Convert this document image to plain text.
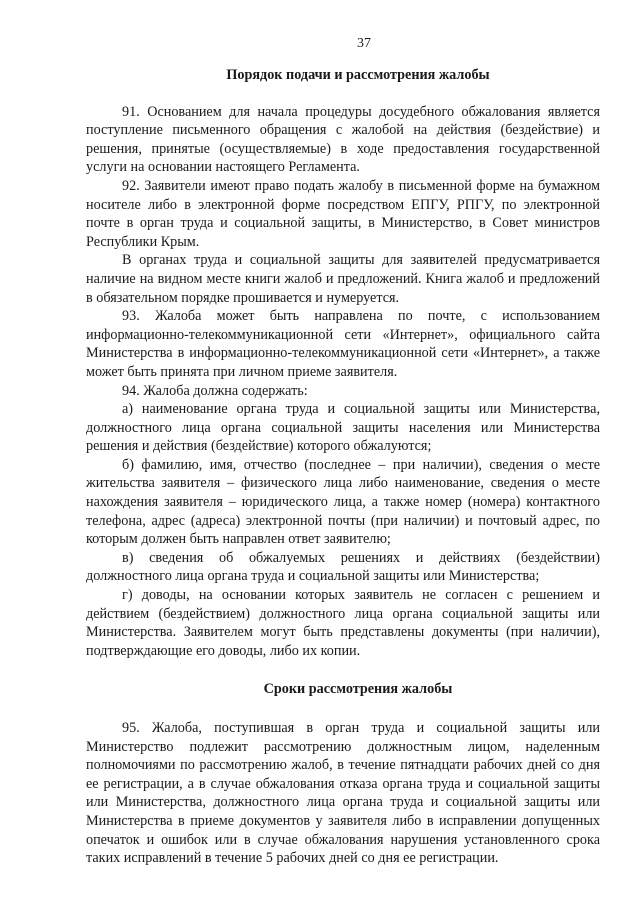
37
Порядок подачи и рассмотрения жалобы

91. Основанием для начала процедуры досудебного обжалования является поступление письменного обращения с жалобой на действия (бездействие) и решения, принятые (осуществляемые) в ходе предоставления государственной услуги на основании настоящего Регламента.

92. Заявители имеют право подать жалобу в письменной форме на бумажном носителе либо в электронной форме посредством ЕПГУ, РПГУ, по электронной почте в орган труда и социальной защиты, в Министерство, в Совет министров Республики Крым.

В органах труда и социальной защиты для заявителей предусматривается наличие на видном месте книги жалоб и предложений. Книга жалоб и предложений в обязательном порядке прошивается и нумеруется.

93. Жалоба может быть направлена по почте, с использованием информационно-телекоммуникационной сети «Интернет», официального сайта Министерства в информационно-телекоммуникационной сети «Интернет», а также может быть принята при личном приеме заявителя.

94. Жалоба должна содержать:

а) наименование органа труда и социальной защиты или Министерства, должностного лица органа социальной защиты населения или Министерства решения и действия (бездействие) которого обжалуются;

б) фамилию, имя, отчество (последнее – при наличии), сведения о месте жительства заявителя – физического лица либо наименование, сведения о месте нахождения заявителя – юридического лица, а также номер (номера) контактного телефона, адрес (адреса) электронной почты (при наличии) и почтовый адрес, по которым должен быть направлен ответ заявителю;

в) сведения об обжалуемых решениях и действиях (бездействии) должностного лица органа труда и социальной защиты или Министерства;

г) доводы, на основании которых заявитель не согласен с решением и действием (бездействием) должностного лица органа социальной защиты или Министерства. Заявителем могут быть представлены документы (при наличии), подтверждающие его доводы, либо их копии.

Сроки рассмотрения жалобы

95. Жалоба, поступившая в орган труда и социальной защиты или Министерство подлежит рассмотрению должностным лицом, наделенным полномочиями по рассмотрению жалоб, в течение пятнадцати рабочих дней со дня ее регистрации, а в случае обжалования отказа органа труда и социальной защиты или Министерства, должностного лица органа труда и социальной защиты или Министерства в приеме документов у заявителя либо в исправлении допущенных опечаток и ошибок или в случае обжалования нарушения установленного срока таких исправлений в течение 5 рабочих дней со дня ее регистрации.
